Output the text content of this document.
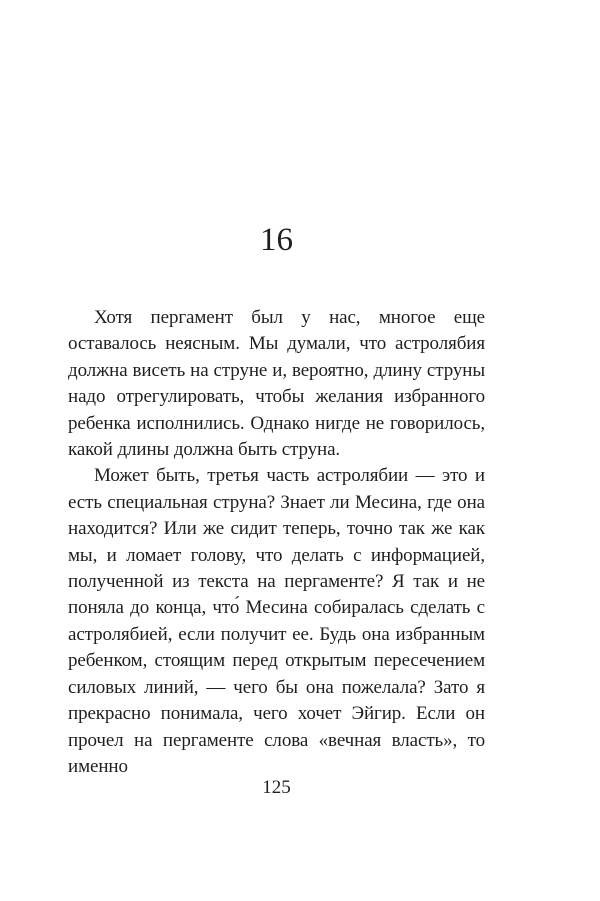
16

Хотя пергамент был у нас, многое еще оставалось неясным. Мы думали, что астролябия должна висеть на струне и, вероятно, длину струны надо отрегулировать, чтобы желания избранного ребенка исполнились. Однако нигде не говорилось, какой длины должна быть струна.

Может быть, третья часть астролябии — это и есть специальная струна? Знает ли Месина, где она находится? Или же сидит теперь, точно так же как мы, и ломает голову, что делать с информацией, полученной из текста на пергаменте? Я так и не поняла до конца, что́ Месина собиралась сделать с астролябией, если получит ее. Будь она избранным ребенком, стоящим перед открытым пересечением силовых линий, — чего бы она пожелала? Зато я прекрасно понимала, чего хочет Эйгир. Если он прочел на пергаменте слова «вечная власть», то именно

125
